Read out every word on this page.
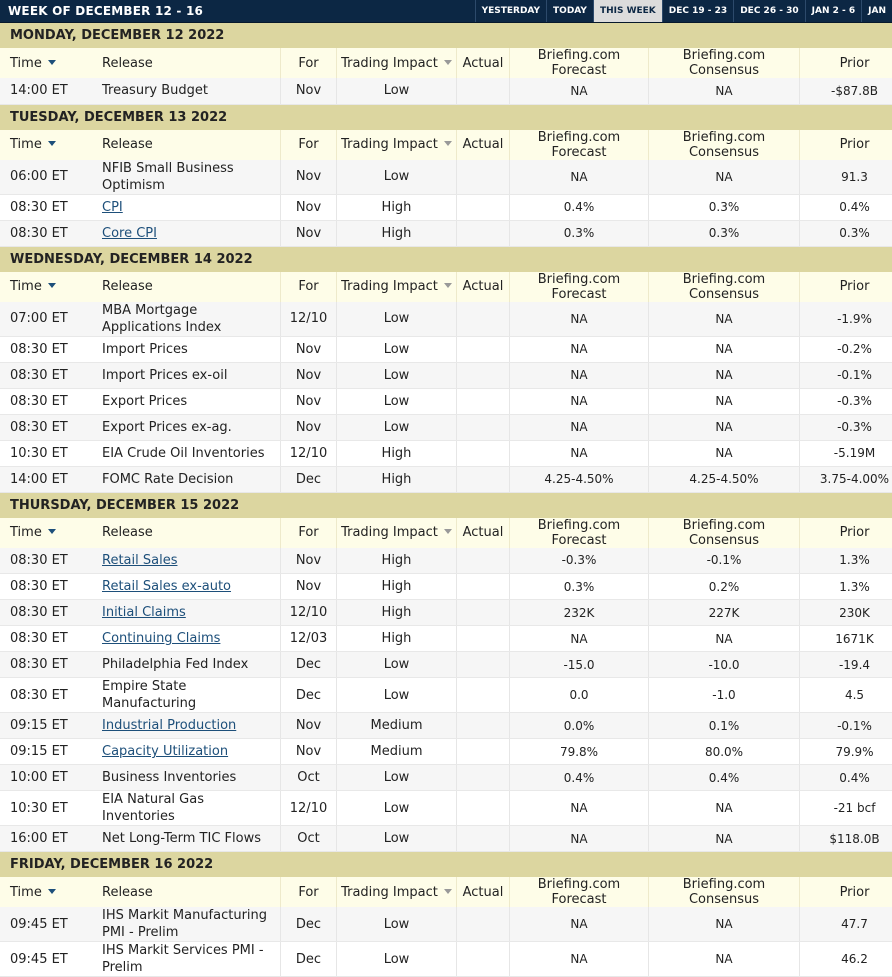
WEEK OF DECEMBER 12 - 16	YESTERDAY	TODAY	THIS WEEK	DEC 19 - 23	DEC 26 - 30	JAN 2 - 6	JAN
MONDAY, DECEMBER 12 2022
Time	Release	For	Trading Impact	Actual	Briefing.com Forecast	Briefing.com Consensus	Prior
14:00 ET	Treasury Budget	Nov	Low		NA	NA	-$87.8B
TUESDAY, DECEMBER 13 2022
Time	Release	For	Trading Impact	Actual	Briefing.com Forecast	Briefing.com Consensus	Prior
06:00 ET	NFIB Small Business Optimism	Nov	Low		NA	NA	91.3
08:30 ET	CPI	Nov	High		0.4%	0.3%	0.4%
08:30 ET	Core CPI	Nov	High		0.3%	0.3%	0.3%
WEDNESDAY, DECEMBER 14 2022
Time	Release	For	Trading Impact	Actual	Briefing.com Forecast	Briefing.com Consensus	Prior
07:00 ET	MBA Mortgage Applications Index	12/10	Low		NA	NA	-1.9%
08:30 ET	Import Prices	Nov	Low		NA	NA	-0.2%
08:30 ET	Import Prices ex-oil	Nov	Low		NA	NA	-0.1%
08:30 ET	Export Prices	Nov	Low		NA	NA	-0.3%
08:30 ET	Export Prices ex-ag.	Nov	Low		NA	NA	-0.3%
10:30 ET	EIA Crude Oil Inventories	12/10	High		NA	NA	-5.19M
14:00 ET	FOMC Rate Decision	Dec	High		4.25-4.50%	4.25-4.50%	3.75-4.00%
THURSDAY, DECEMBER 15 2022
Time	Release	For	Trading Impact	Actual	Briefing.com Forecast	Briefing.com Consensus	Prior
08:30 ET	Retail Sales	Nov	High		-0.3%	-0.1%	1.3%
08:30 ET	Retail Sales ex-auto	Nov	High		0.3%	0.2%	1.3%
08:30 ET	Initial Claims	12/10	High		232K	227K	230K
08:30 ET	Continuing Claims	12/03	High		NA	NA	1671K
08:30 ET	Philadelphia Fed Index	Dec	Low		-15.0	-10.0	-19.4
08:30 ET	Empire State Manufacturing	Dec	Low		0.0	-1.0	4.5
09:15 ET	Industrial Production	Nov	Medium		0.0%	0.1%	-0.1%
09:15 ET	Capacity Utilization	Nov	Medium		79.8%	80.0%	79.9%
10:00 ET	Business Inventories	Oct	Low		0.4%	0.4%	0.4%
10:30 ET	EIA Natural Gas Inventories	12/10	Low		NA	NA	-21 bcf
16:00 ET	Net Long-Term TIC Flows	Oct	Low		NA	NA	$118.0B
FRIDAY, DECEMBER 16 2022
Time	Release	For	Trading Impact	Actual	Briefing.com Forecast	Briefing.com Consensus	Prior
09:45 ET	IHS Markit Manufacturing PMI - Prelim	Dec	Low		NA	NA	47.7
09:45 ET	IHS Markit Services PMI - Prelim	Dec	Low		NA	NA	46.2
